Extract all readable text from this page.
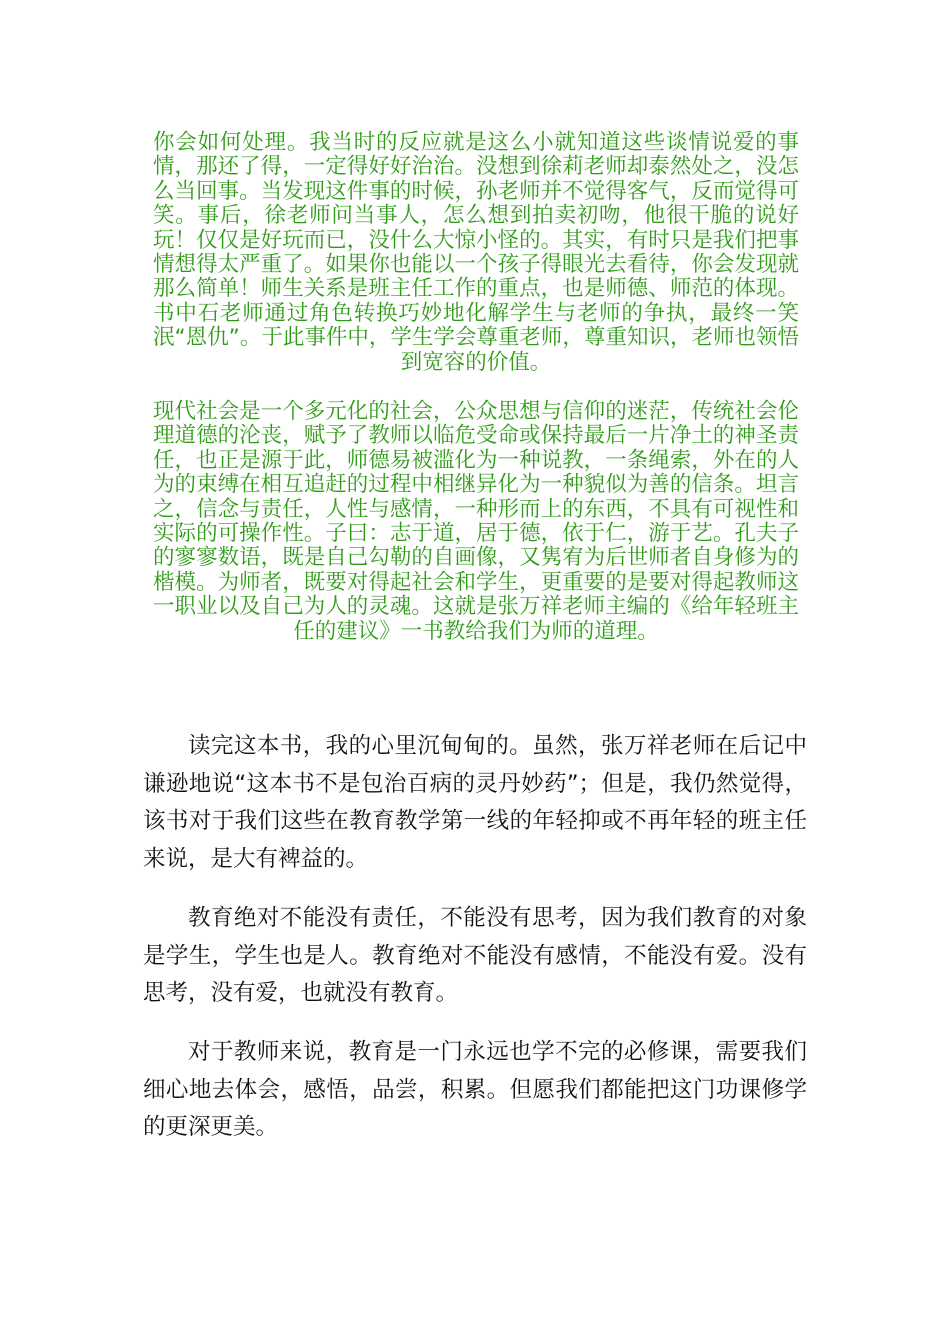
你会如何处理。我当时的反应就是这么小就知道这些谈情说爱的事情，那还了得，一定得好好治治。没想到徐莉老师却泰然处之，没怎么当回事。当发现这件事的时候，孙老师并不觉得客气，反而觉得可笑。事后，徐老师问当事人，怎么想到拍卖初吻，他很干脆的说好玩！仅仅是好玩而已，没什么大惊小怪的。其实，有时只是我们把事情想得太严重了。如果你也能以一个孩子得眼光去看待，你会发现就那么简单！师生关系是班主任工作的重点，也是师德、师范的体现。书中石老师通过角色转换巧妙地化解学生与老师的争执，最终一笑泯“恩仇”。于此事件中，学生学会尊重老师，尊重知识，老师也领悟到宽容的价值。

现代社会是一个多元化的社会，公众思想与信仰的迷茫，传统社会伦理道德的沦丧，赋予了教师以临危受命或保持最后一片净土的神圣责任，也正是源于此，师德易被滥化为一种说教，一条绳索，外在的人为的束缚在相互追赶的过程中相继异化为一种貌似为善的信条。坦言之，信念与责任，人性与感情，一种形而上的东西，不具有可视性和实际的可操作性。子曰：志于道，居于德，依于仁，游于艺。孔夫子的寥寥数语，既是自己勾勒的自画像，又隽宥为后世师者自身修为的楷模。为师者，既要对得起社会和学生，更重要的是要对得起教师这一职业以及自己为人的灵魂。这就是张万祥老师主编的《给年轻班主任的建议》一书教给我们为师的道理。

读完这本书，我的心里沉甸甸的。虽然，张万祥老师在后记中谦逊地说“这本书不是包治百病的灵丹妙药”；但是，我仍然觉得，该书对于我们这些在教育教学第一线的年轻抑或不再年轻的班主任来说，是大有裨益的。

教育绝对不能没有责任，不能没有思考，因为我们教育的对象是学生，学生也是人。教育绝对不能没有感情，不能没有爱。没有思考，没有爱，也就没有教育。

对于教师来说，教育是一门永远也学不完的必修课，需要我们细心地去体会，感悟，品尝，积累。但愿我们都能把这门功课修学的更深更美。
